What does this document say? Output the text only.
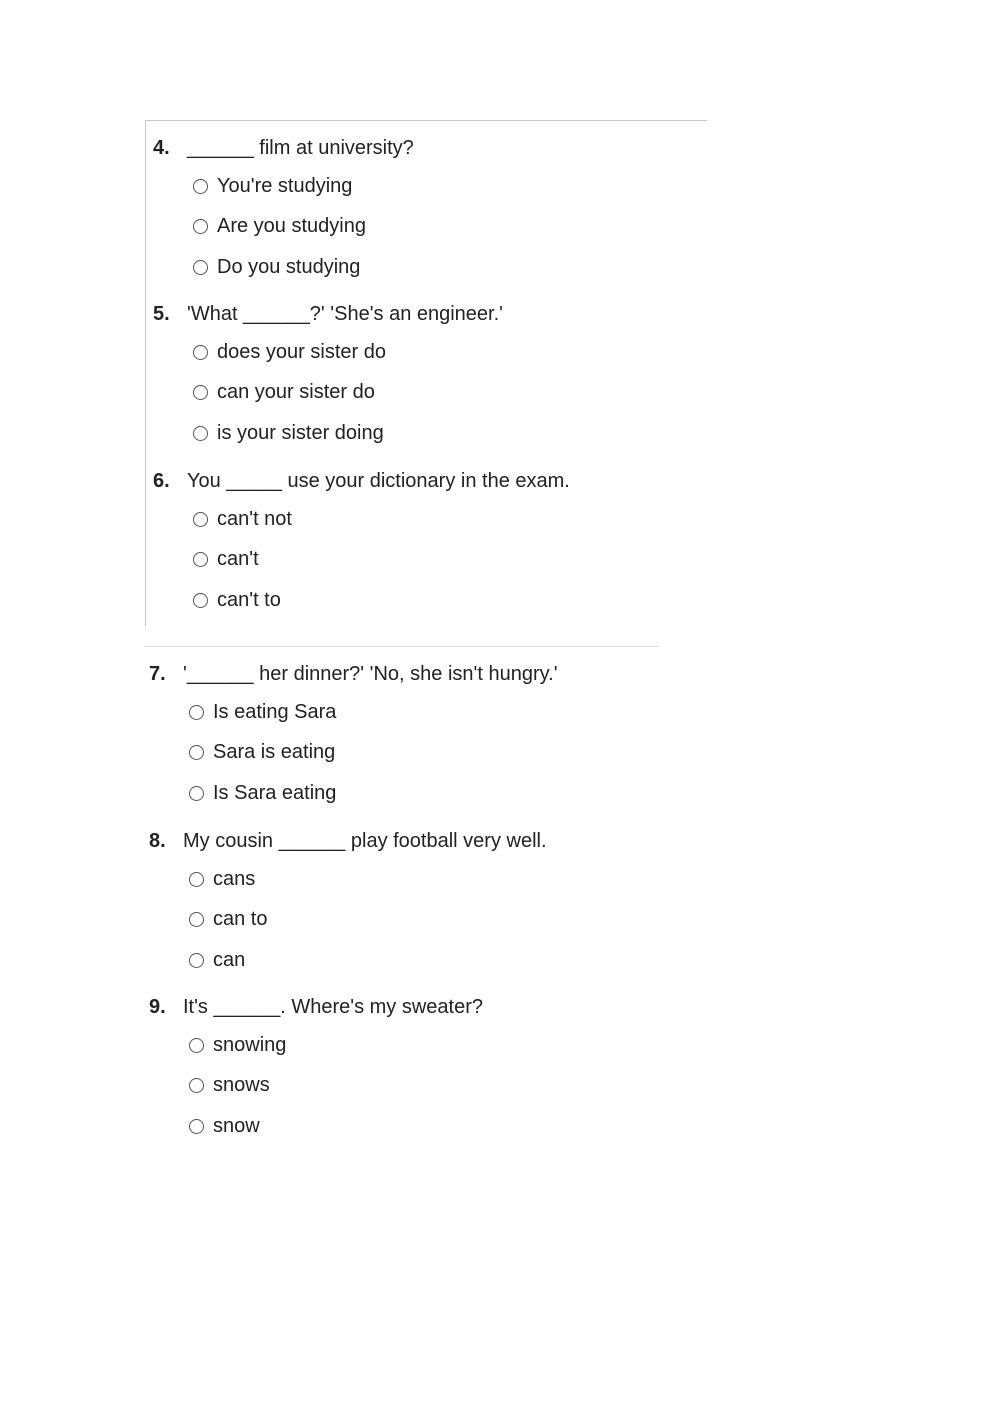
4. ______ film at university?
You're studying
Are you studying
Do you studying
5. 'What ______?' 'She's an engineer.'
does your sister do
can your sister do
is your sister doing
6. You _____ use your dictionary in the exam.
can't not
can't
can't to
7. '______ her dinner?' 'No, she isn't hungry.'
Is eating Sara
Sara is eating
Is Sara eating
8. My cousin ______ play football very well.
cans
can to
can
9. It's ______. Where's my sweater?
snowing
snows
snow
